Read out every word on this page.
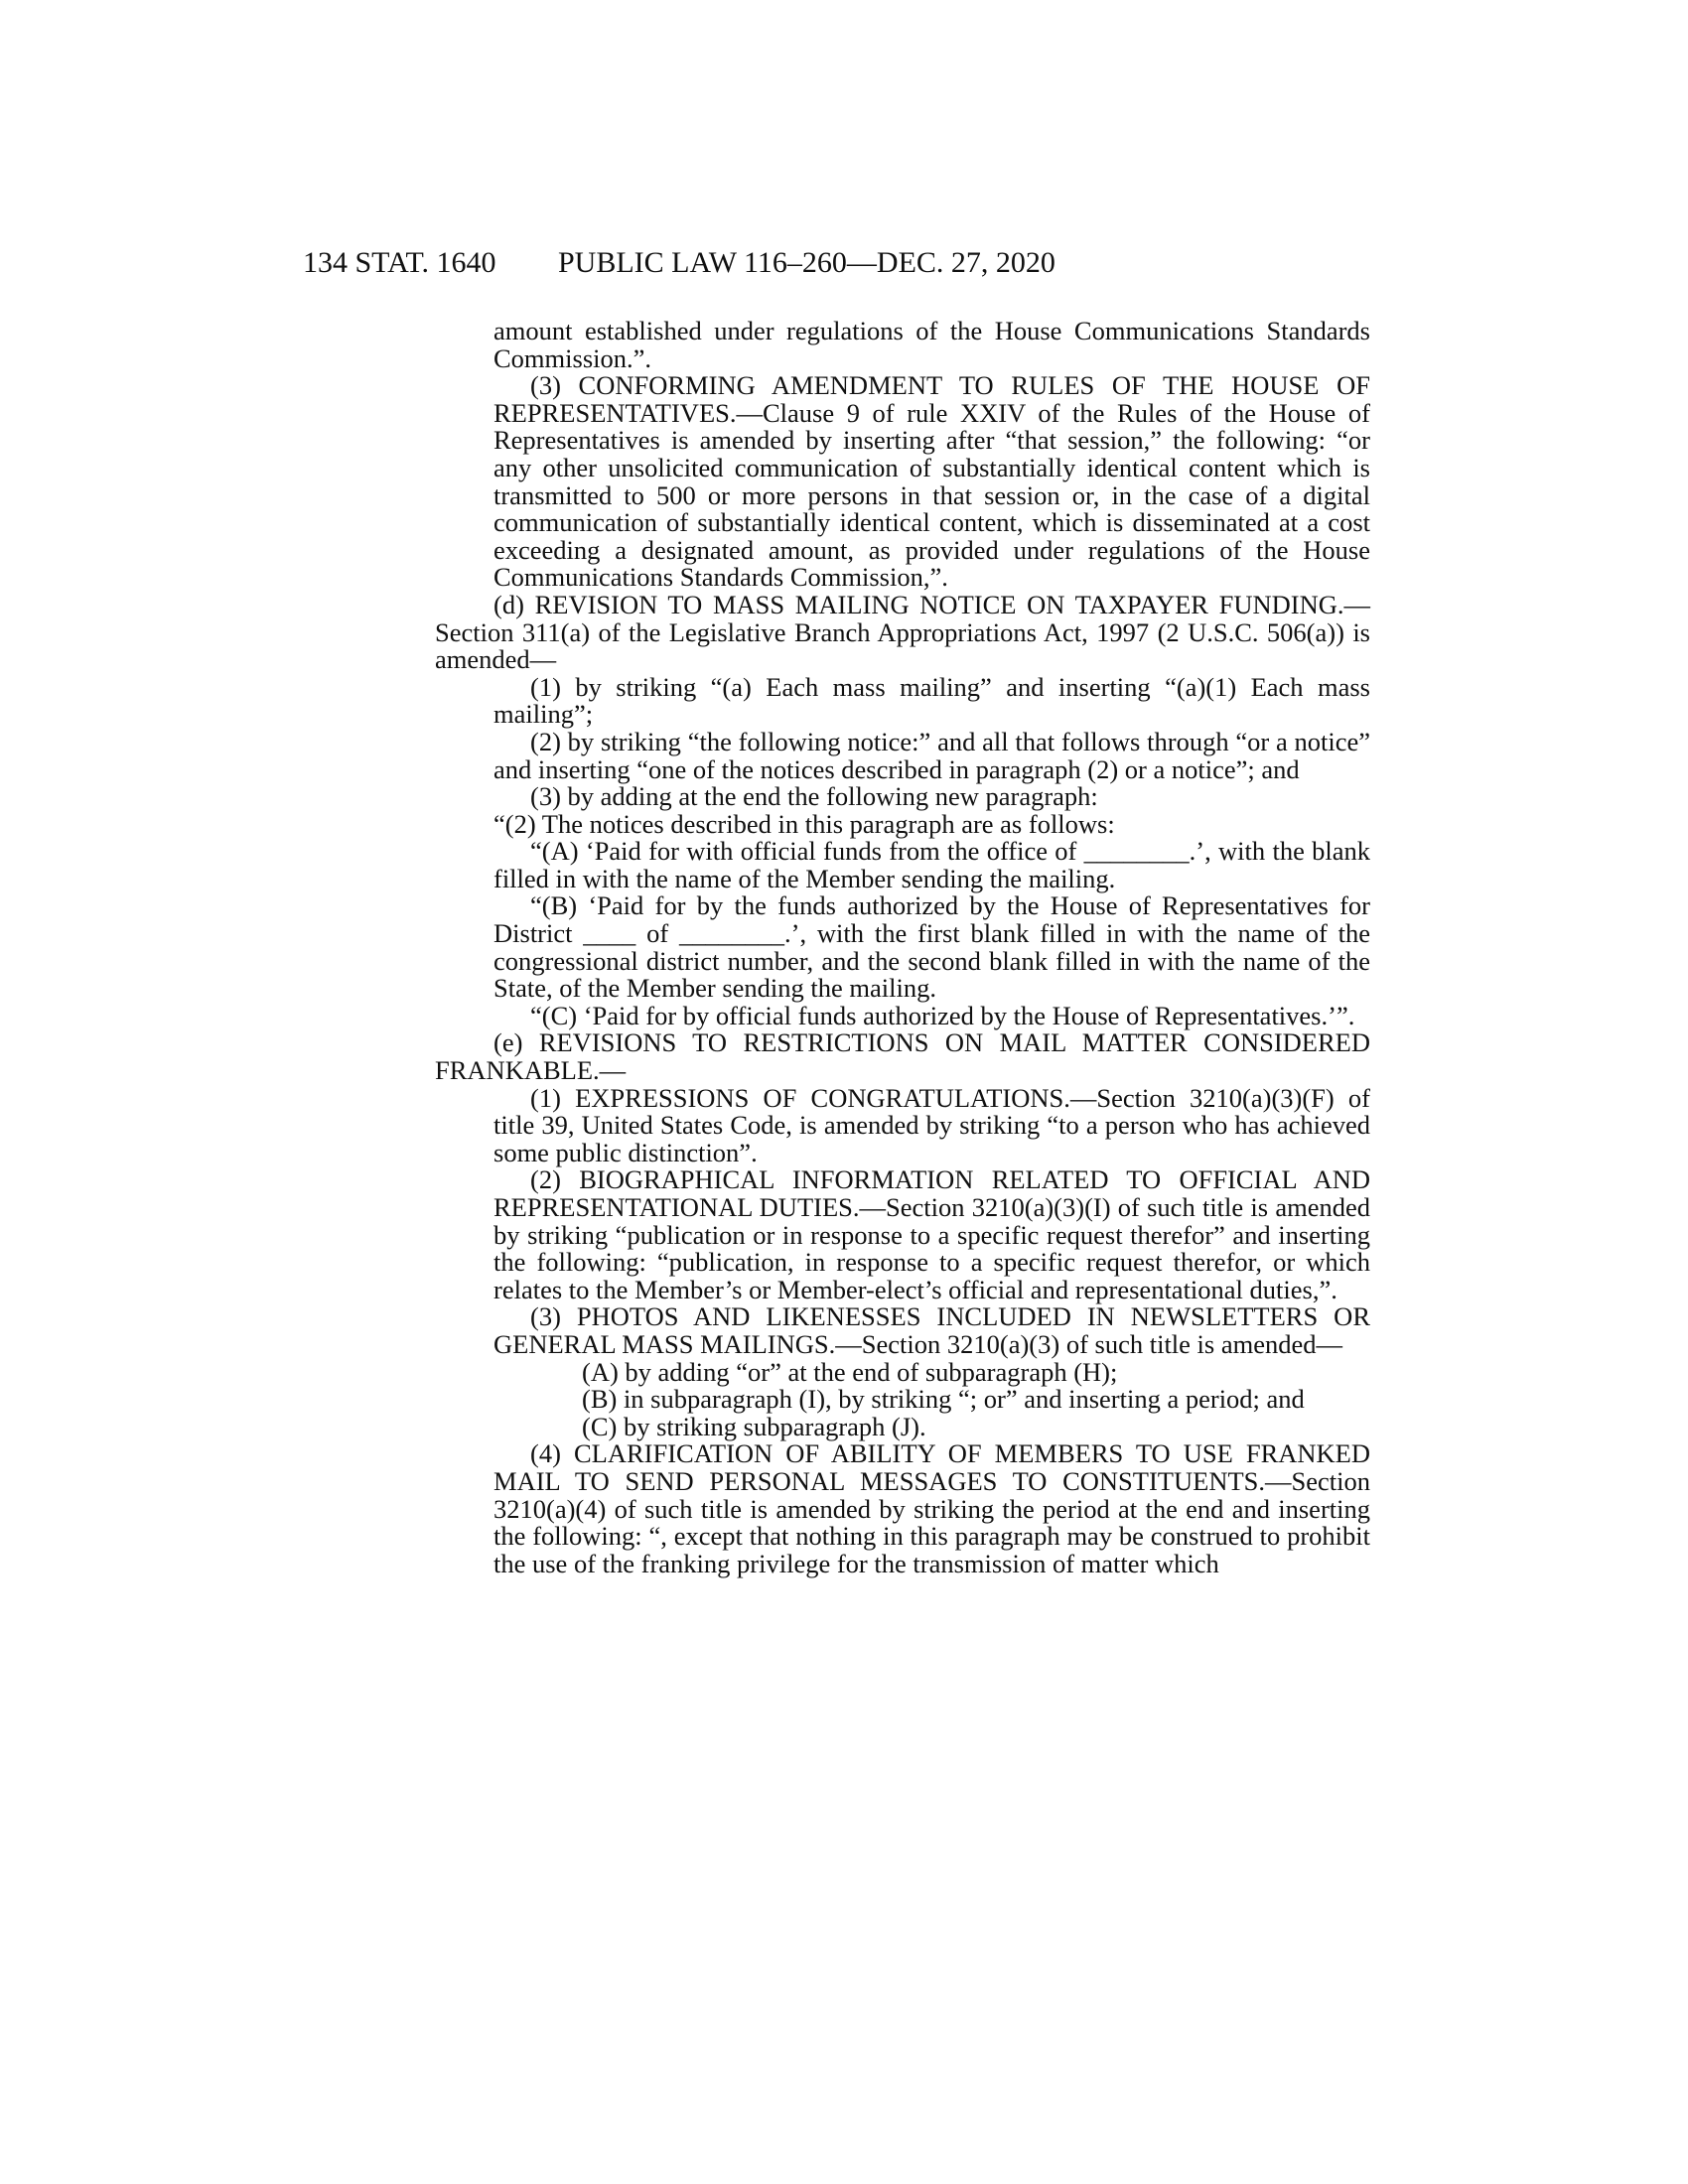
134 STAT. 1640 PUBLIC LAW 116–260—DEC. 27, 2020

amount established under regulations of the House Communications Standards Commission.”.

(3) CONFORMING AMENDMENT TO RULES OF THE HOUSE OF REPRESENTATIVES.—Clause 9 of rule XXIV of the Rules of the House of Representatives is amended by inserting after “that session,” the following: “or any other unsolicited communication of substantially identical content which is transmitted to 500 or more persons in that session or, in the case of a digital communication of substantially identical content, which is disseminated at a cost exceeding a designated amount, as provided under regulations of the House Communications Standards Commission,”.

(d) REVISION TO MASS MAILING NOTICE ON TAXPAYER FUNDING.—Section 311(a) of the Legislative Branch Appropriations Act, 1997 (2 U.S.C. 506(a)) is amended—

(1) by striking “(a) Each mass mailing” and inserting “(a)(1) Each mass mailing”;

(2) by striking “the following notice:” and all that follows through “or a notice” and inserting “one of the notices described in paragraph (2) or a notice”; and

(3) by adding at the end the following new paragraph:

“(2) The notices described in this paragraph are as follows:

“(A) ‘Paid for with official funds from the office of ________.’, with the blank filled in with the name of the Member sending the mailing.

“(B) ‘Paid for by the funds authorized by the House of Representatives for District ____ of ________.’, with the first blank filled in with the name of the congressional district number, and the second blank filled in with the name of the State, of the Member sending the mailing.

“(C) ‘Paid for by official funds authorized by the House of Representatives.’”.

(e) REVISIONS TO RESTRICTIONS ON MAIL MATTER CONSIDERED FRANKABLE.—

(1) EXPRESSIONS OF CONGRATULATIONS.—Section 3210(a)(3)(F) of title 39, United States Code, is amended by striking “to a person who has achieved some public distinction”.

(2) BIOGRAPHICAL INFORMATION RELATED TO OFFICIAL AND REPRESENTATIONAL DUTIES.—Section 3210(a)(3)(I) of such title is amended by striking “publication or in response to a specific request therefor” and inserting the following: “publication, in response to a specific request therefor, or which relates to the Member’s or Member-elect’s official and representational duties,”.

(3) PHOTOS AND LIKENESSES INCLUDED IN NEWSLETTERS OR GENERAL MASS MAILINGS.—Section 3210(a)(3) of such title is amended—

(A) by adding “or” at the end of subparagraph (H);

(B) in subparagraph (I), by striking “; or” and inserting a period; and

(C) by striking subparagraph (J).

(4) CLARIFICATION OF ABILITY OF MEMBERS TO USE FRANKED MAIL TO SEND PERSONAL MESSAGES TO CONSTITUENTS.—Section 3210(a)(4) of such title is amended by striking the period at the end and inserting the following: “, except that nothing in this paragraph may be construed to prohibit the use of the franking privilege for the transmission of matter which
